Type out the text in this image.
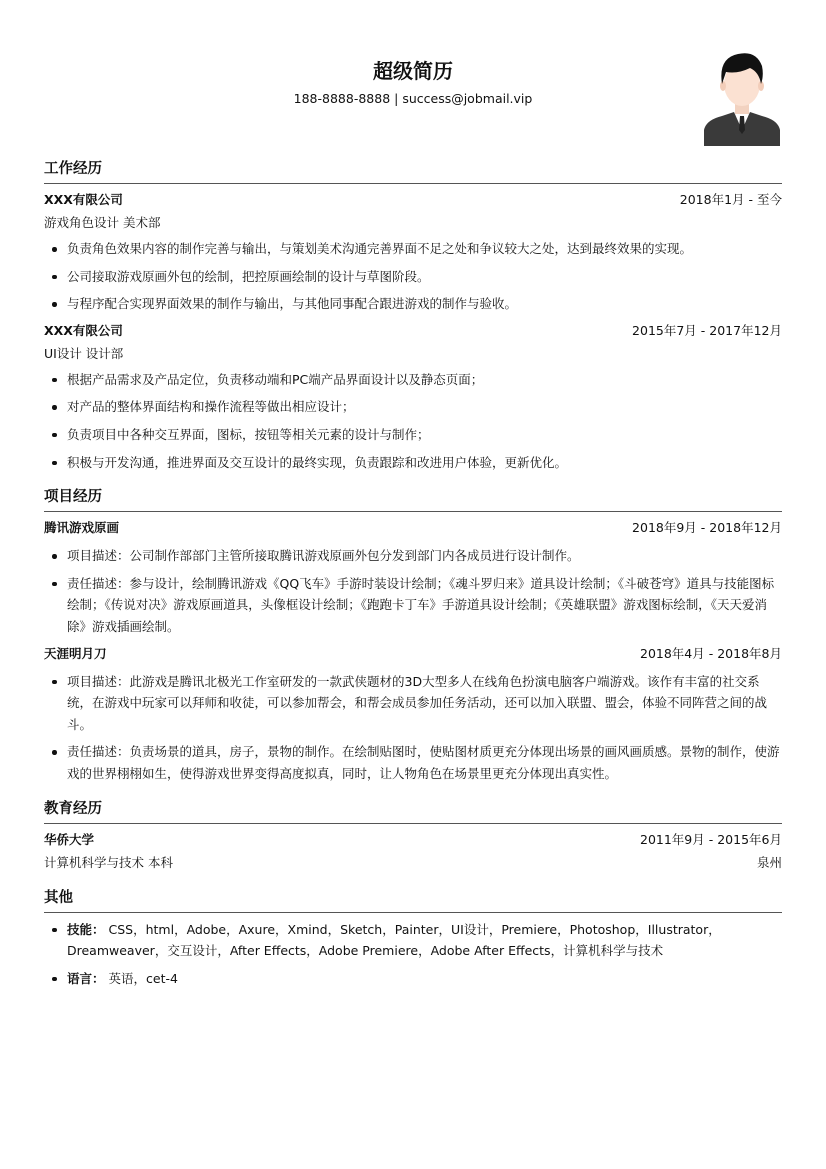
超级简历
188-8888-8888 | success@jobmail.vip
工作经历
XXX有限公司	2018年1月 - 至今
游戏角色设计 美术部
负责角色效果内容的制作完善与输出，与策划美术沟通完善界面不足之处和争议较大之处，达到最终效果的实现。
公司接取游戏原画外包的绘制，把控原画绘制的设计与草图阶段。
与程序配合实现界面效果的制作与输出，与其他同事配合跟进游戏的制作与验收。
XXX有限公司	2015年7月 - 2017年12月
UI设计 设计部
根据产品需求及产品定位，负责移动端和PC端产品界面设计以及静态页面；
对产品的整体界面结构和操作流程等做出相应设计；
负责项目中各种交互界面，图标，按钮等相关元素的设计与制作；
积极与开发沟通，推进界面及交互设计的最终实现，负责跟踪和改进用户体验，更新优化。
项目经历
腾讯游戏原画	2018年9月 - 2018年12月
项目描述：公司制作部部门主管所接取腾讯游戏原画外包分发到部门内各成员进行设计制作。
责任描述：参与设计，绘制腾讯游戏《QQ飞车》手游时装设计绘制；《魂斗罗归来》道具设计绘制；《斗破苍穹》道具与技能图标绘制；《传说对决》游戏原画道具，头像框设计绘制；《跑跑卡丁车》手游道具设计绘制；《英雄联盟》游戏图标绘制，《天天爱消除》游戏插画绘制。
天涯明月刀	2018年4月 - 2018年8月
项目描述：此游戏是腾讯北极光工作室研发的一款武侠题材的3D大型多人在线角色扮演电脑客户端游戏。该作有丰富的社交系统，在游戏中玩家可以拜师和收徒，可以参加帮会，和帮会成员参加任务活动，还可以加入联盟、盟会，体验不同阵营之间的战斗。
责任描述：负责场景的道具，房子，景物的制作。在绘制贴图时，使贴图材质更充分体现出场景的画风画质感。景物的制作，使游戏的世界栩栩如生，使得游戏世界变得高度拟真，同时，让人物角色在场景里更充分体现出真实性。
教育经历
华侨大学	2011年9月 - 2015年6月
计算机科学与技术 本科	泉州
其他
技能： CSS，html，Adobe，Axure，Xmind，Sketch，Painter，UI设计，Premiere，Photoshop，Illustrator，Dreamweaver，交互设计，After Effects，Adobe Premiere，Adobe After Effects，计算机科学与技术
语言： 英语，cet-4
